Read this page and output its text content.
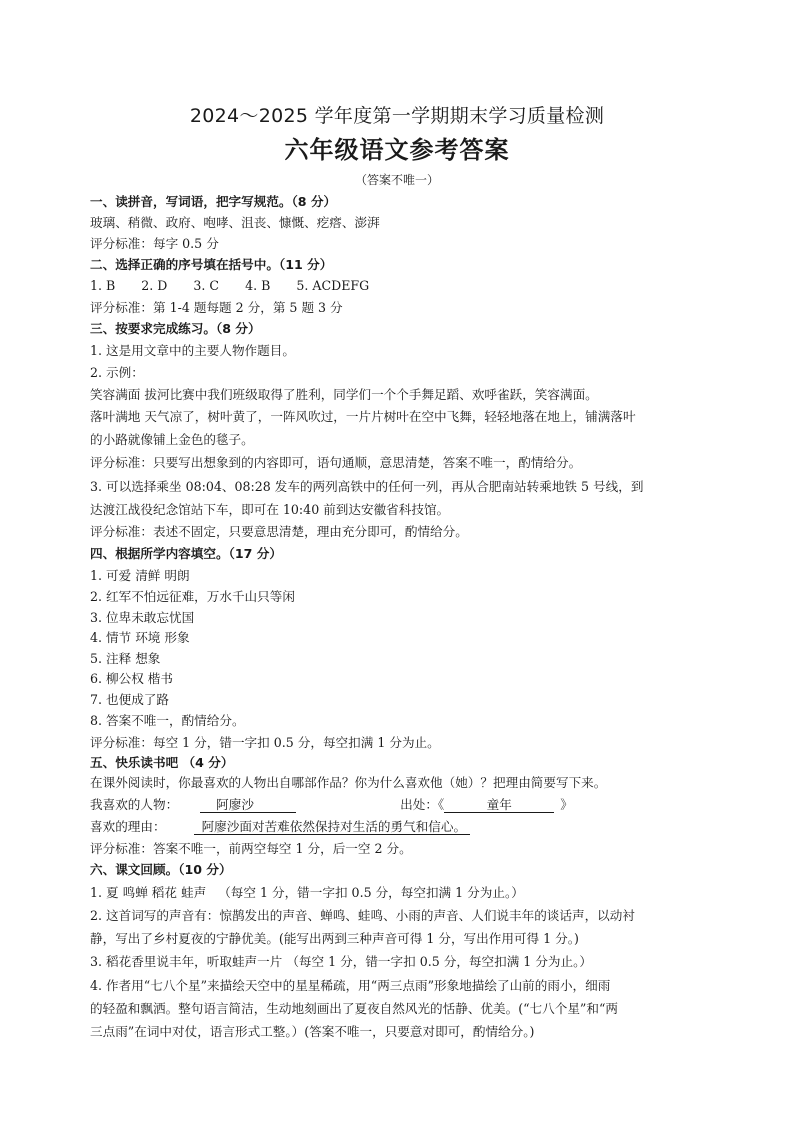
2024～2025 学年度第一学期期末学习质量检测
六年级语文参考答案
（答案不唯一）
一、读拼音，写词语，把字写规范。（8 分）
玻璃、稍微、政府、咆哮、沮丧、慷慨、疙瘩、澎湃
评分标准：每字 0.5 分
二、选择正确的序号填在括号中。（11 分）
1. B 2. D 3. C 4. B 5. ACDEFG
评分标准：第 1-4 题每题 2 分，第 5 题 3 分
三、按要求完成练习。（8 分）
1. 这是用文章中的主要人物作题目。
2. 示例：
笑容满面 拔河比赛中我们班级取得了胜利，同学们一个个手舞足蹈、欢呼雀跃，笑容满面。
落叶满地 天气凉了，树叶黄了，一阵风吹过，一片片树叶在空中飞舞，轻轻地落在地上，铺满落叶
的小路就像铺上金色的毯子。
评分标准：只要写出想象到的内容即可，语句通顺，意思清楚，答案不唯一，酌情给分。
3. 可以选择乘坐 08:04、08:28 发车的两列高铁中的任何一列，再从合肥南站转乘地铁 5 号线，到
达渡江战役纪念馆站下车，即可在 10:40 前到达安徽省科技馆。
评分标准：表述不固定，只要意思清楚，理由充分即可，酌情给分。
四、根据所学内容填空。（17 分）
1. 可爱 清鲜 明朗
2. 红军不怕远征难，万水千山只等闲
3. 位卑未敢忘忧国
4. 情节 环境 形象
5. 注释 想象
6. 柳公权 楷书
7. 也便成了路
8. 答案不唯一，酌情给分。
评分标准：每空 1 分，错一字扣 0.5 分，每空扣满 1 分为止。
五、快乐读书吧 （4 分）
在课外阅读时，你最喜欢的人物出自哪部作品？你为什么喜欢他（她）？把理由简要写下来。
我喜欢的人物：	阿廖沙	出处：《	童年	》
喜欢的理由：	阿廖沙面对苦难依然保持对生活的勇气和信心。
评分标准：答案不唯一，前两空每空 1 分，后一空 2 分。
六、课文回顾。（10 分）
1. 夏 鸣蝉 稻花 蛙声   （每空 1 分，错一字扣 0.5 分，每空扣满 1 分为止。）
2. 这首词写的声音有：惊鹊发出的声音、蝉鸣、蛙鸣、小雨的声音、人们说丰年的谈话声，以动衬
静，写出了乡村夏夜的宁静优美。(能写出两到三种声音可得 1 分，写出作用可得 1 分。)
3. 稻花香里说丰年，听取蛙声一片 （每空 1 分，错一字扣 0.5 分，每空扣满 1 分为止。）
4. 作者用“七八个星”来描绘天空中的星星稀疏，用“两三点雨”形象地描绘了山前的雨小，细雨
的轻盈和飘洒。整句语言简洁，生动地刻画出了夏夜自然风光的恬静、优美。(“七八个星”和“两
三点雨”在词中对仗，语言形式工整。）(答案不唯一，只要意对即可，酌情给分。)
